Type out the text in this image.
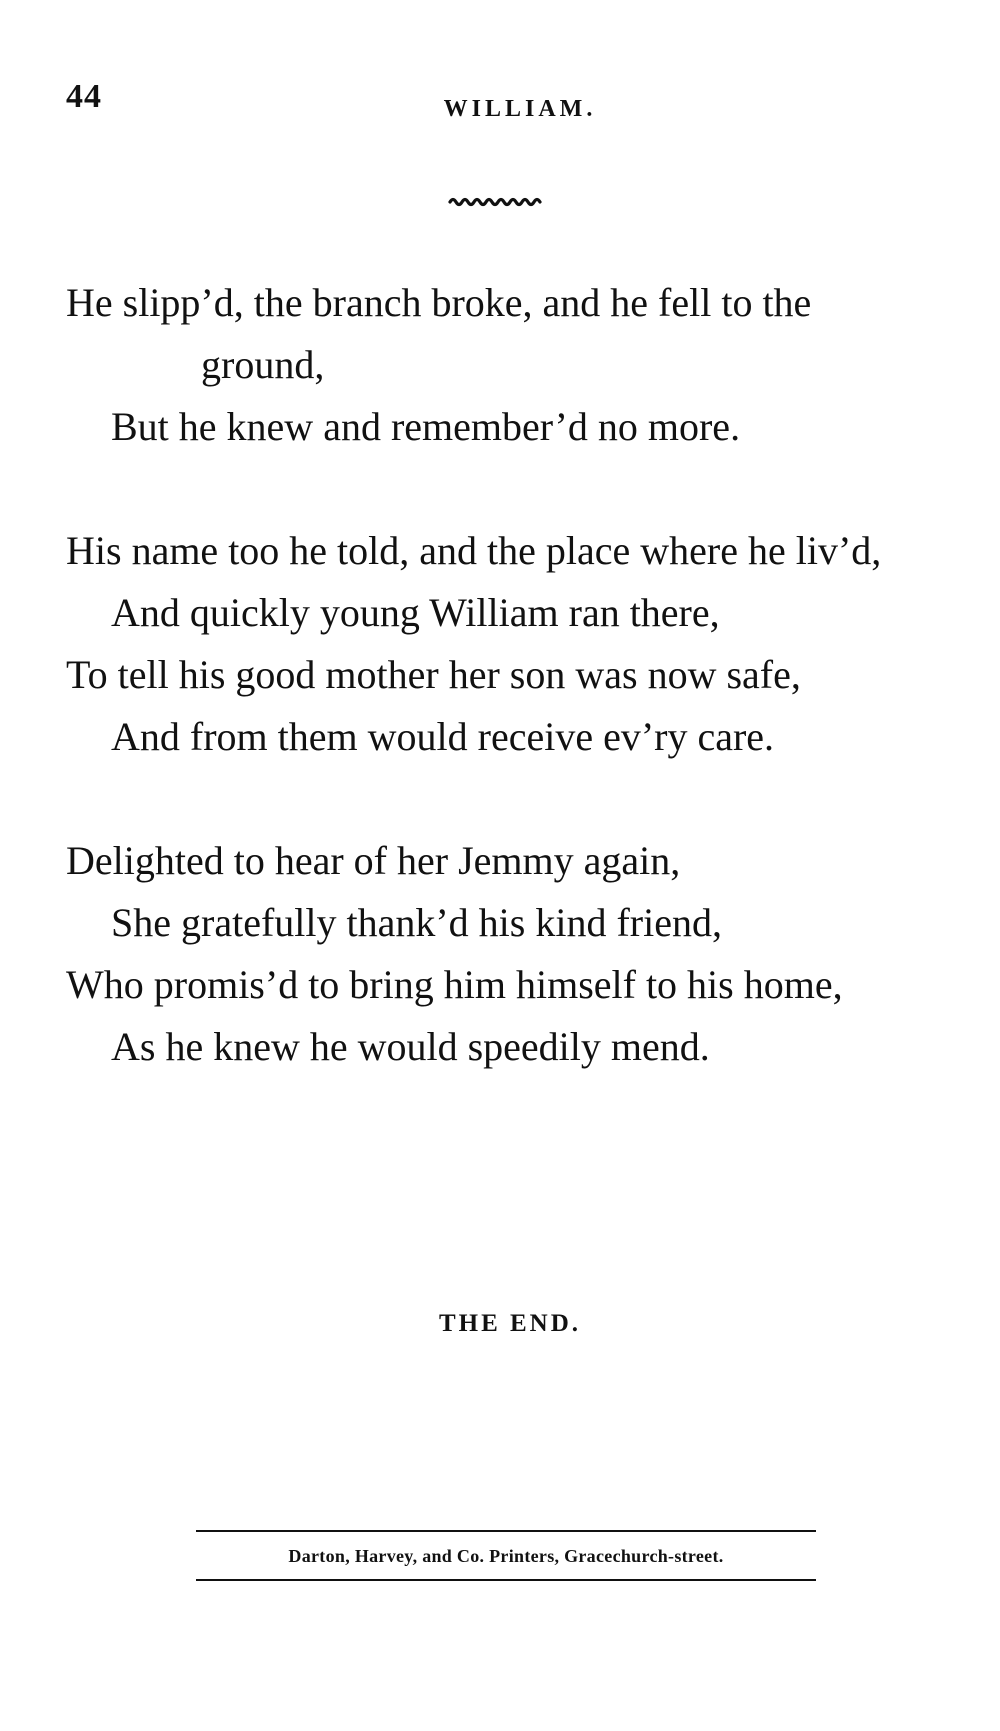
44	WILLIAM.
He slipp’d, the branch broke, and he fell to the
ground,
But he knew and remember’d no more.
His name too he told, and the place where he liv’d,
And quickly young William ran there,
To tell his good mother her son was now safe,
And from them would receive ev’ry care.
Delighted to hear of her Jemmy again,
She gratefully thank’d his kind friend,
Who promis’d to bring him himself to his home,
As he knew he would speedily mend.
THE END.
Darton, Harvey, and Co. Printers, Gracechurch-street.
